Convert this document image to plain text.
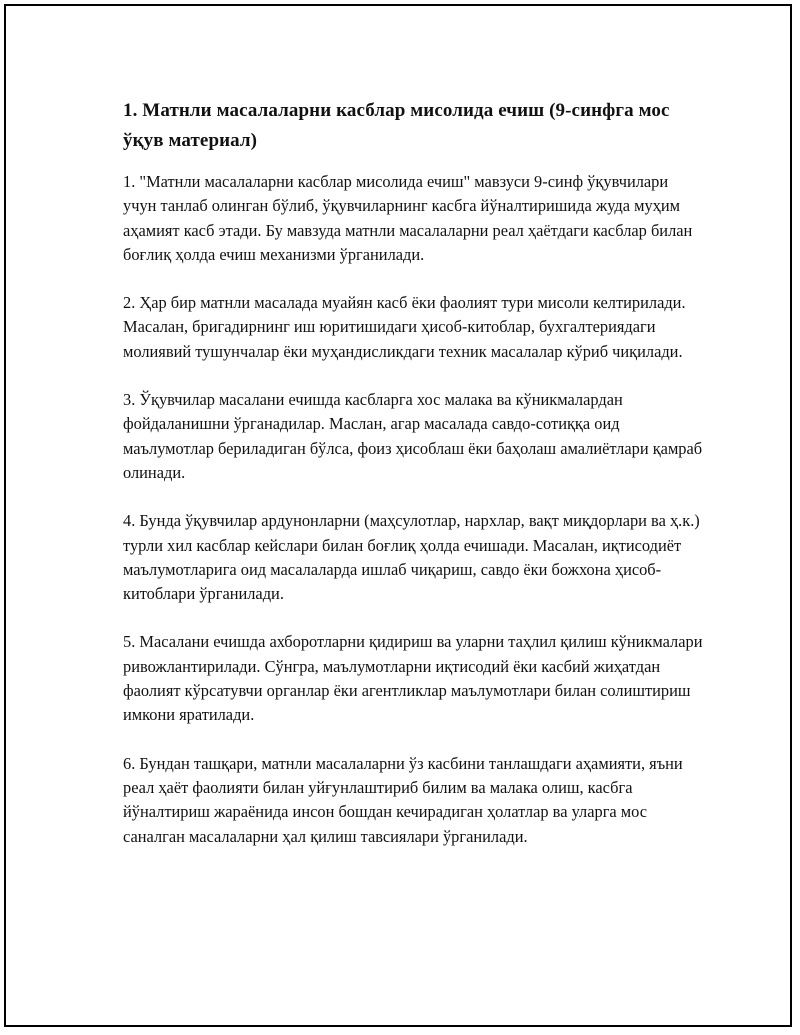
1. Матнли масалаларни касблар мисолида ечиш (9-синфга мос ўқув материал)

1. "Матнли масалаларни касблар мисолида ечиш" мавзуси 9-синф ўқувчилари учун танлаб олинган бўлиб, ўқувчиларнинг касбга йўналтиришида жуда муҳим аҳамият касб этади. Бу мавзуда матнли масалаларни реал ҳаётдаги касблар билан боғлиқ ҳолда ечиш механизми ўрганилади.

2. Ҳар бир матнли масалада муайян касб ёки фаолият тури мисоли келтирилади. Масалан, бригадирнинг иш юритишидаги ҳисоб-китоблар, бухгалтериядаги молиявий тушунчалар ёки муҳандисликдаги техник масалалар кўриб чиқилади.

3. Ўқувчилар масалани ечишда касбларга хос малака ва кўникмалардан фойдаланишни ўрганадилар. Маслан, агар масалада савдо-сотиққа оид маълумотлар бериладиган бўлса, фоиз ҳисоблаш ёки баҳолаш амалиётлари қамраб олинади.

4. Бунда ўқувчилар ардунонларни (маҳсулотлар, нархлар, вақт миқдорлари ва ҳ.к.) турли хил касблар кейслари билан боғлиқ ҳолда ечишади. Масалан, иқтисодиёт маълумотларига оид масалаларда ишлаб чиқариш, савдо ёки божхона ҳисоб-китоблари ўрганилади.

5. Масалани ечишда ахборотларни қидириш ва уларни таҳлил қилиш кўникмалари ривожлантирилади. Сўнгра, маълумотларни иқтисодий ёки касбий жиҳатдан фаолият кўрсатувчи органлар ёки агентликлар маълумотлари билан солиштириш имкони яратилади.

6. Бундан ташқари, матнли масалаларни ўз касбини танлашдаги аҳамияти, яъни реал ҳаёт фаолияти билан уйғунлаштириб билим ва малака олиш, касбга йўналтириш жараёнида инсон бошдан кечирадиган ҳолатлар ва уларга мос саналган масалаларни ҳал қилиш тавсиялари ўрганилади.
